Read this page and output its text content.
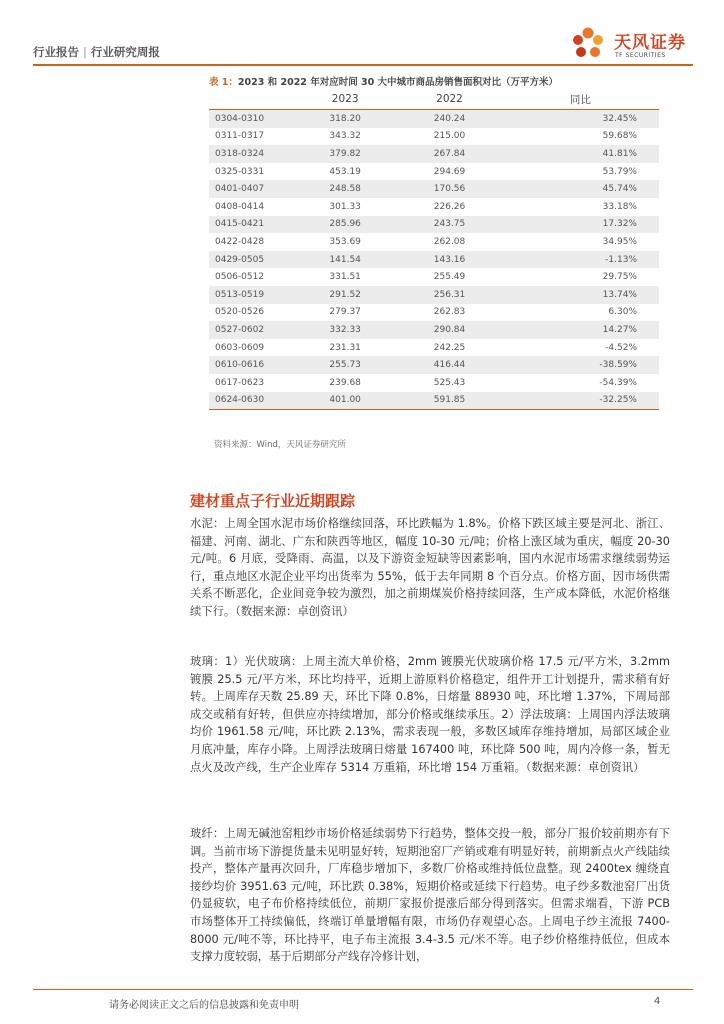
行业报告 | 行业研究周报	天风证券
TF SECURITIES
表 1：2023 和 2022 年对应时间 30 大中城市商品房销售面积对比（万平方米）
	2023	2022	同比
0304-0310	318.20	240.24	32.45%
0311-0317	343.32	215.00	59.68%
0318-0324	379.82	267.84	41.81%
0325-0331	453.19	294.69	53.79%
0401-0407	248.58	170.56	45.74%
0408-0414	301.33	226.26	33.18%
0415-0421	285.96	243.75	17.32%
0422-0428	353.69	262.08	34.95%
0429-0505	141.54	143.16	-1.13%
0506-0512	331.51	255.49	29.75%
0513-0519	291.52	256.31	13.74%
0520-0526	279.37	262.83	6.30%
0527-0602	332.33	290.84	14.27%
0603-0609	231.31	242.25	-4.52%
0610-0616	255.73	416.44	-38.59%
0617-0623	239.68	525.43	-54.39%
0624-0630	401.00	591.85	-32.25%
资料来源：Wind，天风证券研究所
建材重点子行业近期跟踪

水泥：上周全国水泥市场价格继续回落，环比跌幅为 1.8%。价格下跌区域主要是河北、浙江、福建、河南、湖北、广东和陕西等地区，幅度 10-30 元/吨；价格上涨区域为重庆，幅度 20-30 元/吨。6 月底，受降雨、高温，以及下游资金短缺等因素影响，国内水泥市场需求继续弱势运行，重点地区水泥企业平均出货率为 55%，低于去年同期 8 个百分点。价格方面，因市场供需关系不断恶化，企业间竞争较为激烈，加之前期煤炭价格持续回落，生产成本降低，水泥价格继续下行。（数据来源：卓创资讯）

玻璃：1）光伏玻璃：上周主流大单价格，2mm 镀膜光伏玻璃价格 17.5 元/平方米，3.2mm 镀膜 25.5 元/平方米，环比均持平，近期上游原料价格稳定，组件开工计划提升，需求稍有好转。上周库存天数 25.89 天，环比下降 0.8%，日熔量 88930 吨，环比增 1.37%，下周局部成交或稍有好转，但供应亦持续增加，部分价格或继续承压。2）浮法玻璃：上周国内浮法玻璃均价 1961.58 元/吨，环比跌 2.13%，需求表现一般，多数区域库存维持增加，局部区域企业月底冲量，库存小降。上周浮法玻璃日熔量 167400 吨，环比降 500 吨，周内冷修一条，暂无点火及改产线，生产企业库存 5314 万重箱，环比增 154 万重箱。（数据来源：卓创资讯）

玻纤：上周无碱池窑粗纱市场价格延续弱势下行趋势，整体交投一般，部分厂报价较前期亦有下调。当前市场下游提货量未见明显好转，短期池窑厂产销或难有明显好转，前期新点火产线陆续投产，整体产量再次回升，厂库稳步增加下，多数厂价格或维持低位盘整。现 2400tex 缠绕直接纱均价 3951.63 元/吨，环比跌 0.38%，短期价格或延续下行趋势。电子纱多数池窑厂出货仍显疲软，电子布价格持续低位，前期厂家报价提涨后部分得到落实。但需求端看，下游 PCB 市场整体开工持续偏低，终端订单量增幅有限，市场仍存观望心态。上周电子纱主流报 7400-8000 元/吨不等，环比持平，电子布主流报 3.4-3.5 元/米不等。电子纱价格维持低位，但成本支撑力度较弱，基于后期部分产线存冷修计划，

请务必阅读正文之后的信息披露和免责申明	4
